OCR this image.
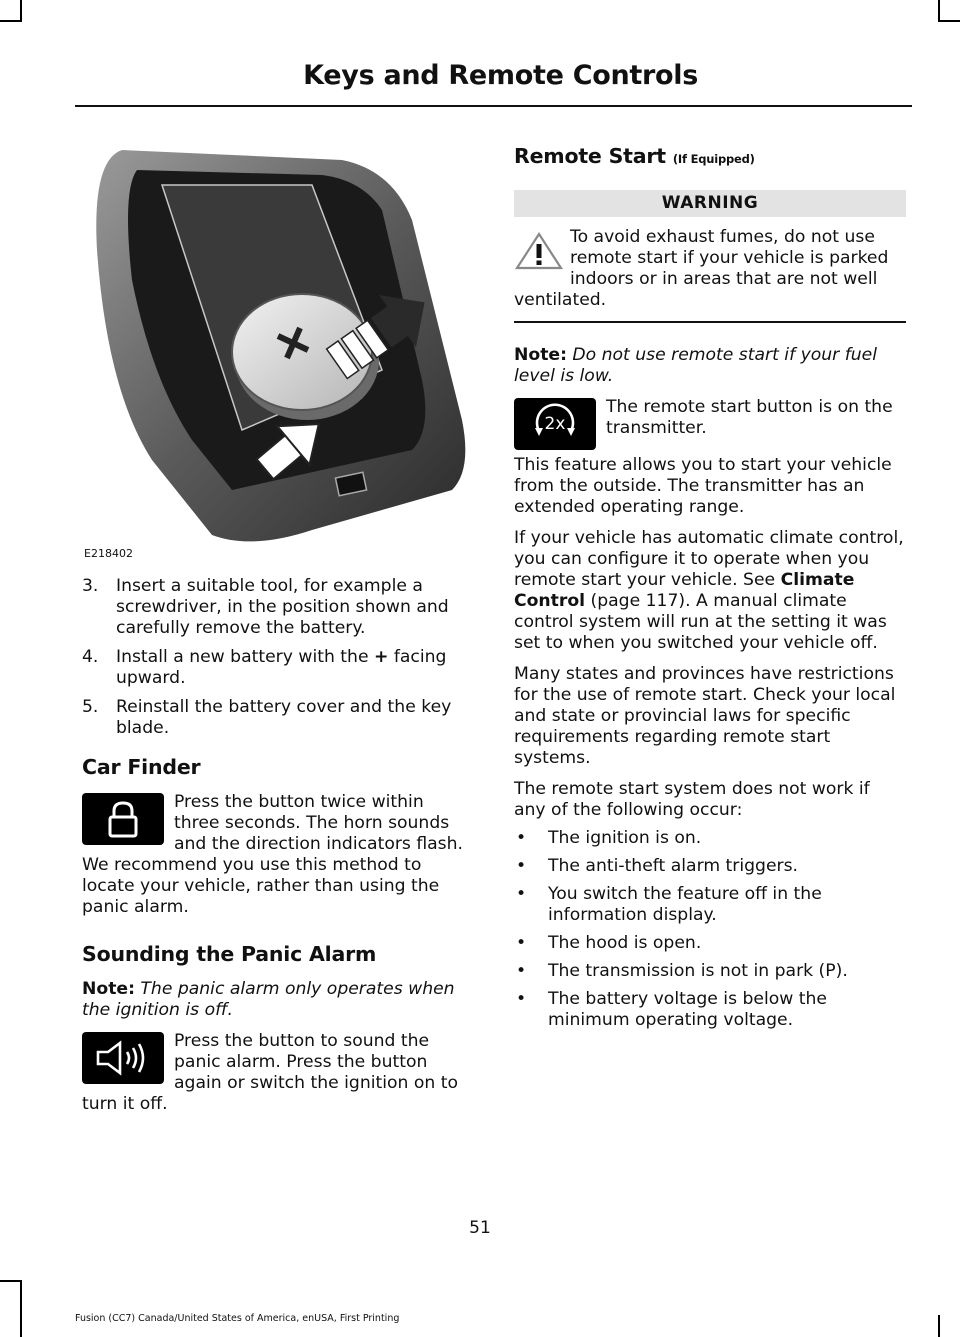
Keys and Remote Controls
E218402
3. Insert a suitable tool, for example a screwdriver, in the position shown and carefully remove the battery.
4. Install a new battery with the + facing upward.
5. Reinstall the battery cover and the key blade.
Car Finder

Press the button twice within three seconds. The horn sounds and the direction indicators flash. We recommend you use this method to locate your vehicle, rather than using the panic alarm.

Sounding the Panic Alarm

Note: The panic alarm only operates when the ignition is off.

Press the button to sound the panic alarm. Press the button again or switch the ignition on to turn it off.

Remote Start (If Equipped)
WARNING

To avoid exhaust fumes, do not use remote start if your vehicle is parked indoors or in areas that are not well ventilated.

Note: Do not use remote start if your fuel level is low.

2x

The remote start button is on the transmitter.

This feature allows you to start your vehicle from the outside. The transmitter has an extended operating range.

If your vehicle has automatic climate control, you can configure it to operate when you remote start your vehicle. See Climate Control (page 117). A manual climate control system will run at the setting it was set to when you switched your vehicle off.

Many states and provinces have restrictions for the use of remote start. Check your local and state or provincial laws for specific requirements regarding remote start systems.

The remote start system does not work if any of the following occur:

• The ignition is on.
• The anti-theft alarm triggers.
• You switch the feature off in the information display.
• The hood is open.
• The transmission is not in park (P).
• The battery voltage is below the minimum operating voltage.
51
Fusion (CC7) Canada/United States of America, enUSA, First Printing
